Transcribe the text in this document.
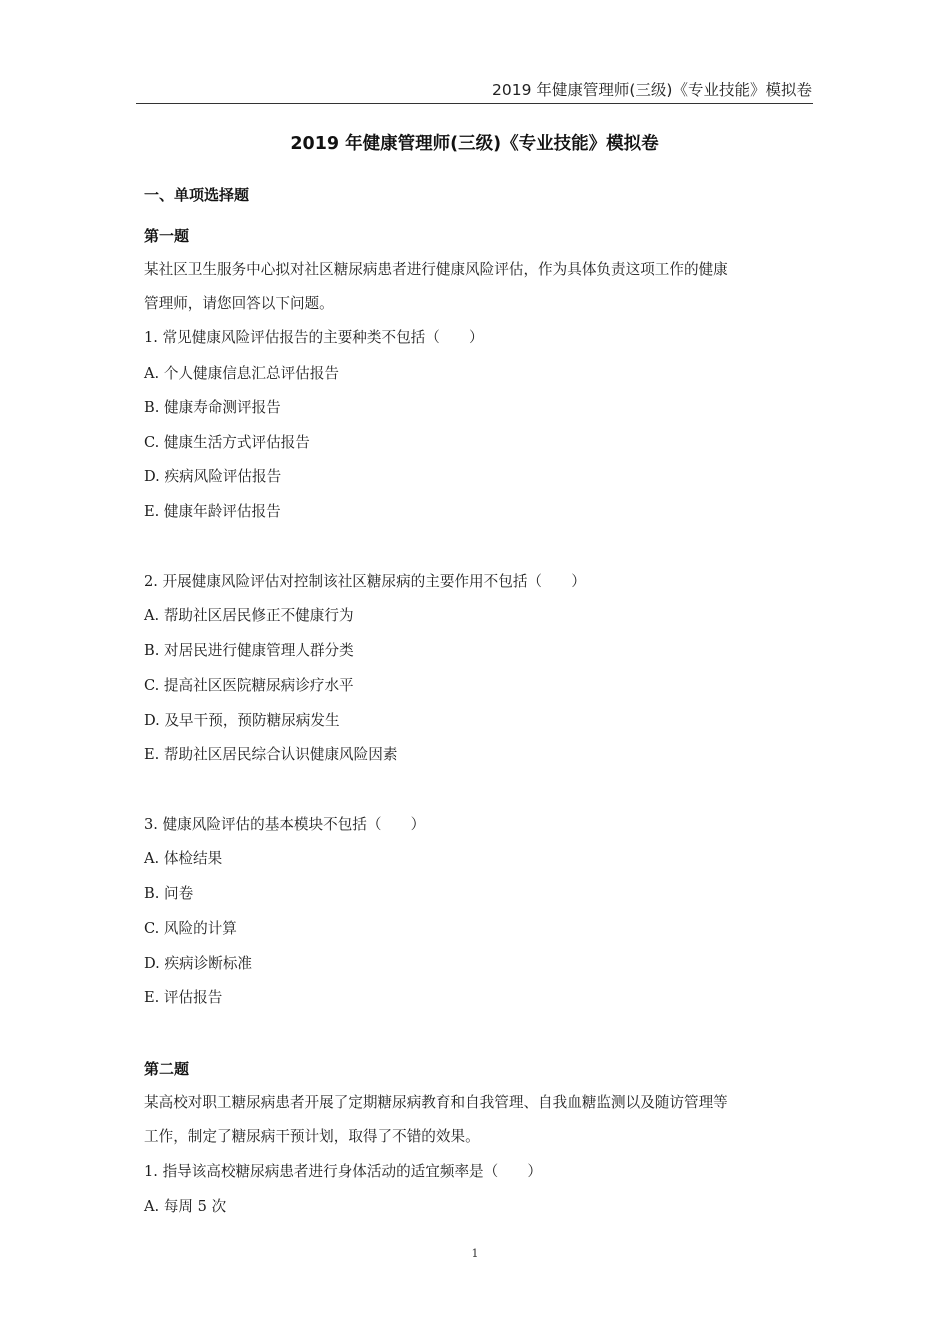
2019 年健康管理师(三级)《专业技能》模拟卷
2019 年健康管理师(三级)《专业技能》模拟卷
一、单项选择题
第一题
某社区卫生服务中心拟对社区糖尿病患者进行健康风险评估，作为具体负责这项工作的健康
管理师，请您回答以下问题。
1. 常见健康风险评估报告的主要种类不包括（　　）
A. 个人健康信息汇总评估报告
B. 健康寿命测评报告
C. 健康生活方式评估报告
D. 疾病风险评估报告
E. 健康年龄评估报告
2. 开展健康风险评估对控制该社区糖尿病的主要作用不包括（　　）
A. 帮助社区居民修正不健康行为
B. 对居民进行健康管理人群分类
C. 提高社区医院糖尿病诊疗水平
D. 及早干预，预防糖尿病发生
E. 帮助社区居民综合认识健康风险因素
3. 健康风险评估的基本模块不包括（　　）
A. 体检结果
B. 问卷
C. 风险的计算
D. 疾病诊断标准
E. 评估报告
第二题
某高校对职工糖尿病患者开展了定期糖尿病教育和自我管理、自我血糖监测以及随访管理等
工作，制定了糖尿病干预计划，取得了不错的效果。
1. 指导该高校糖尿病患者进行身体活动的适宜频率是（　　）
A. 每周 5 次
1
